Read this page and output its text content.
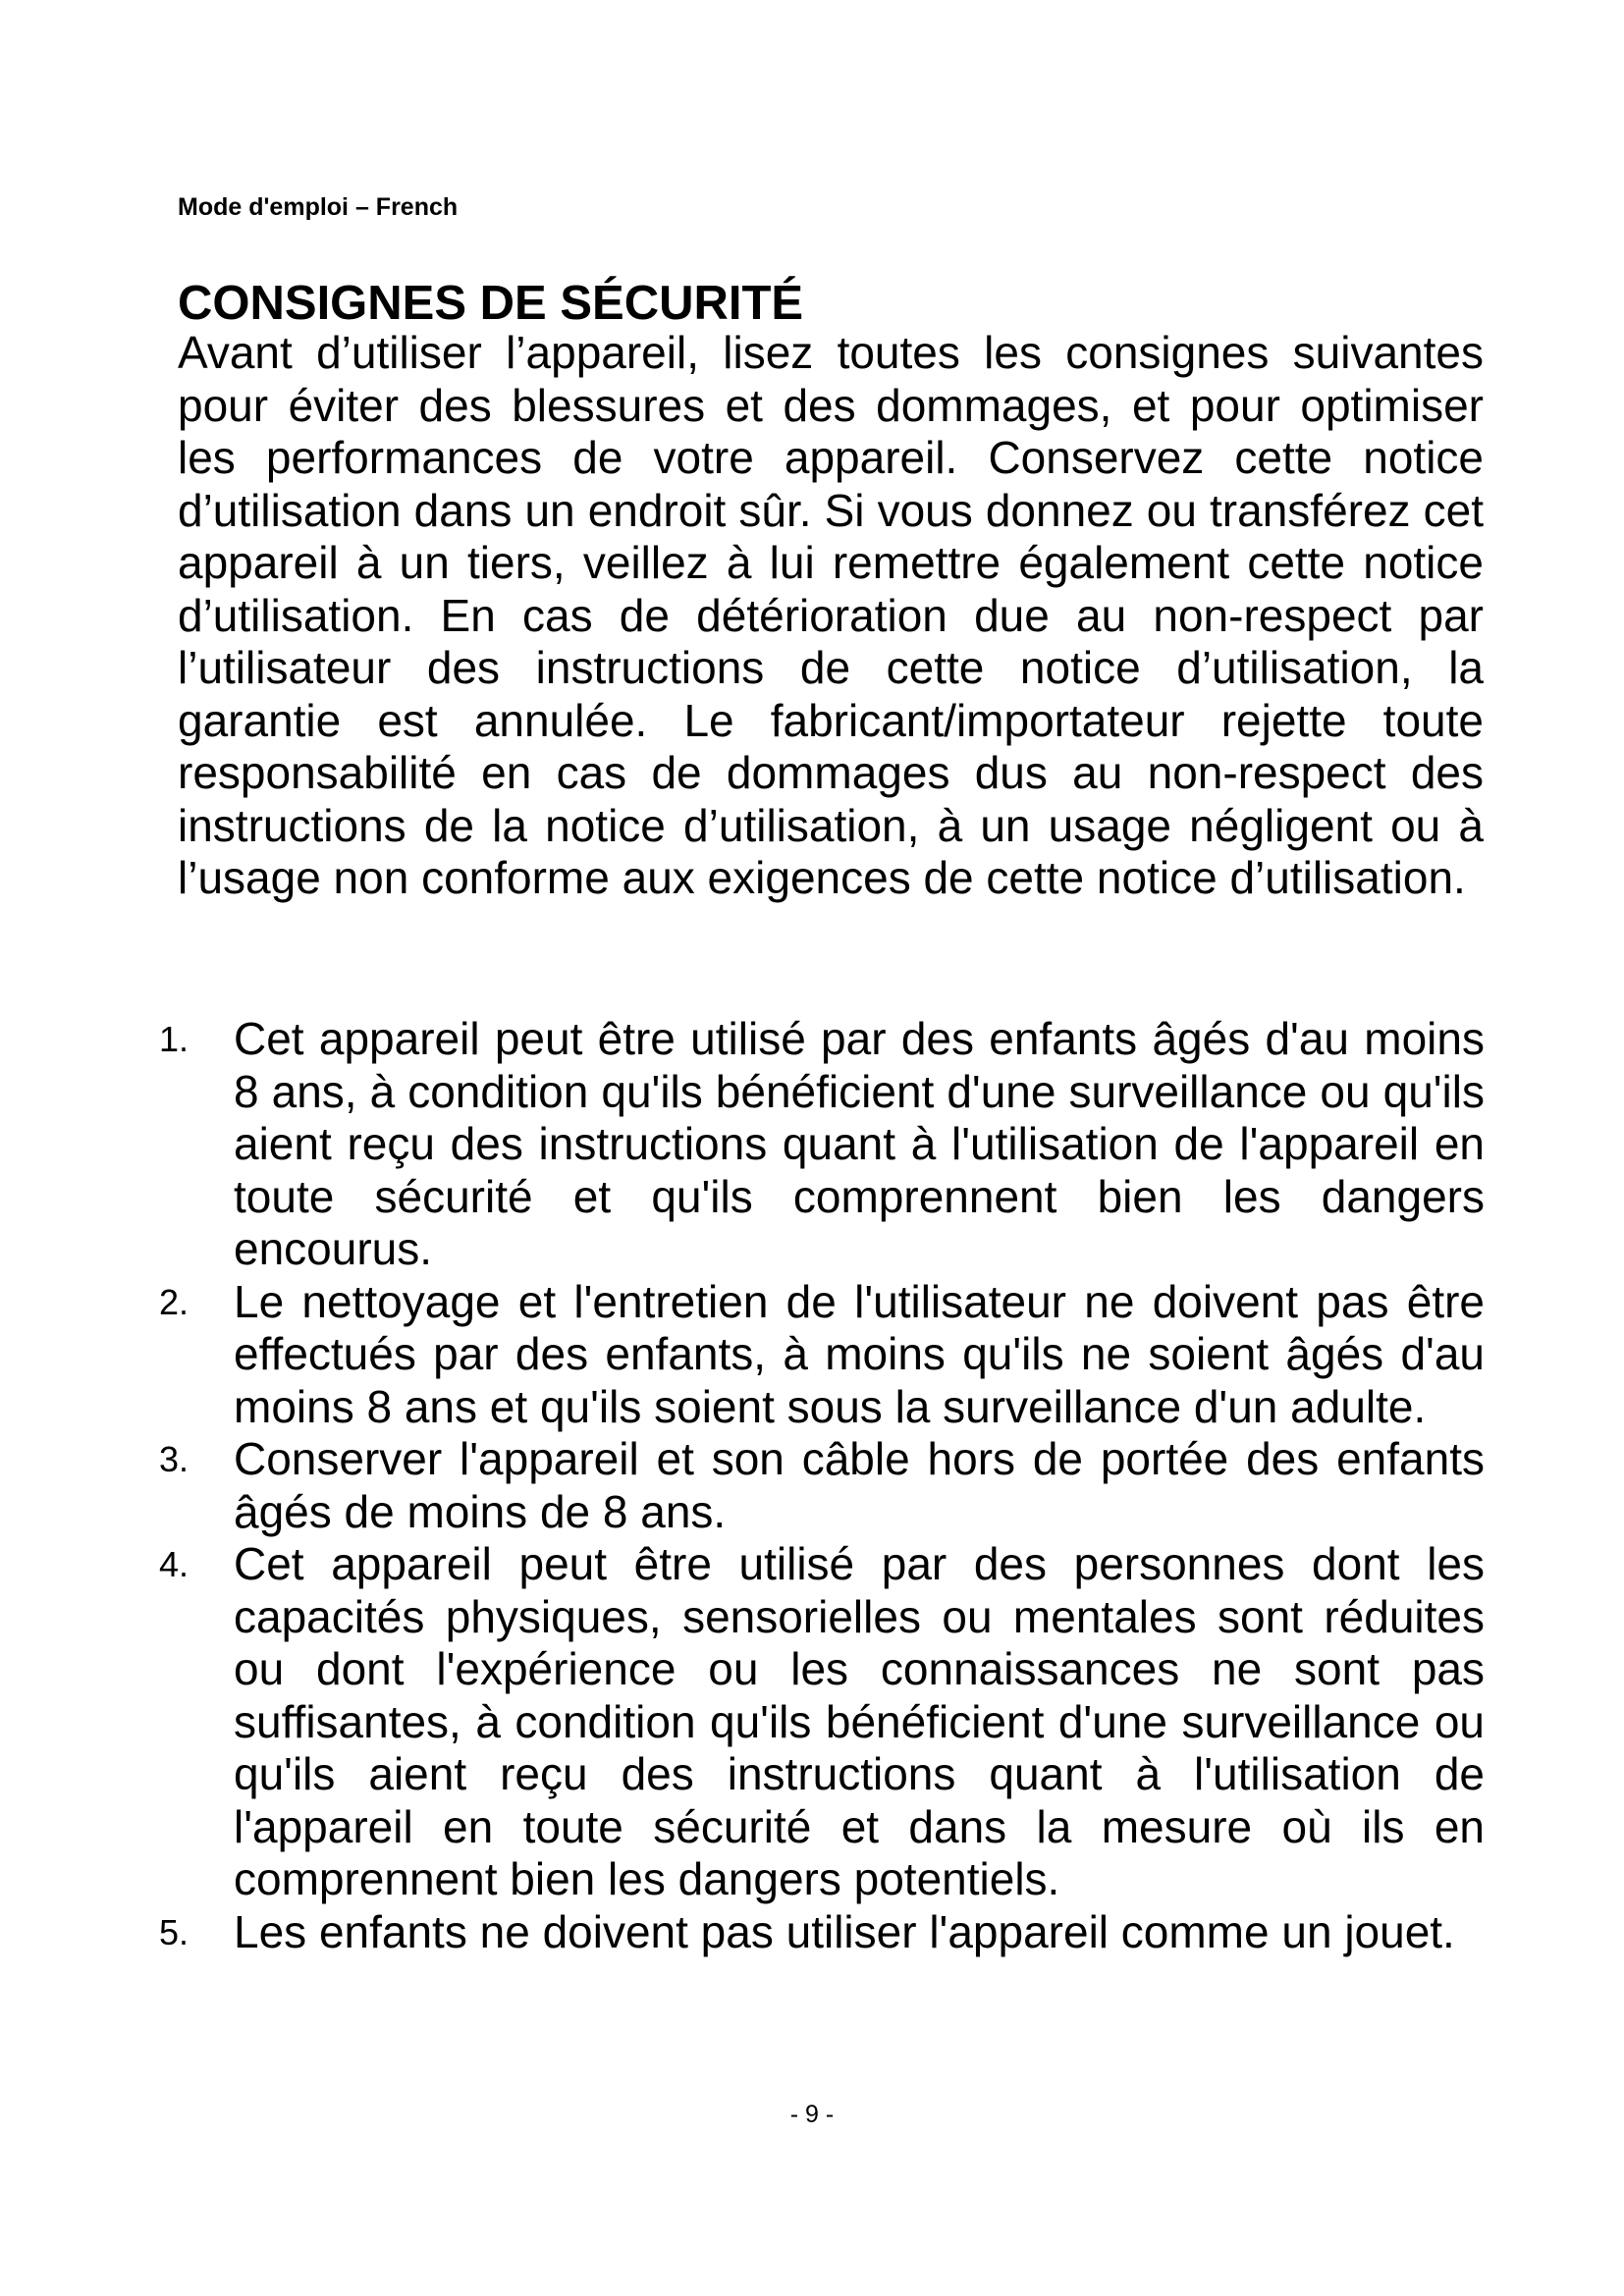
Mode d'emploi – French
CONSIGNES DE SÉCURITÉ

Avant d’utiliser l’appareil, lisez toutes les consignes suivantes pour éviter des blessures et des dommages, et pour optimiser les performances de votre appareil. Conservez cette notice d’utilisation dans un endroit sûr. Si vous donnez ou transférez cet appareil à un tiers, veillez à lui remettre également cette notice d’utilisation. En cas de détérioration due au non-respect par l’utilisateur des instructions de cette notice d’utilisation, la garantie est annulée. Le fabricant/importateur rejette toute responsabilité en cas de dommages dus au non-respect des instructions de la notice d’utilisation, à un usage négligent ou à l’usage non conforme aux exigences de cette notice d’utilisation.

1. Cet appareil peut être utilisé par des enfants âgés d'au moins 8 ans, à condition qu'ils bénéficient d'une surveillance ou qu'ils aient reçu des instructions quant à l'utilisation de l'appareil en toute sécurité et qu'ils comprennent bien les dangers encourus.
2. Le nettoyage et l'entretien de l'utilisateur ne doivent pas être effectués par des enfants, à moins qu'ils ne soient âgés d'au moins 8 ans et qu'ils soient sous la surveillance d'un adulte.
3. Conserver l'appareil et son câble hors de portée des enfants âgés de moins de 8 ans.
4. Cet appareil peut être utilisé par des personnes dont les capacités physiques, sensorielles ou mentales sont réduites ou dont l'expérience ou les connaissances ne sont pas suffisantes, à condition qu'ils bénéficient d'une surveillance ou qu'ils aient reçu des instructions quant à l'utilisation de l'appareil en toute sécurité et dans la mesure où ils en comprennent bien les dangers potentiels.
5. Les enfants ne doivent pas utiliser l'appareil comme un jouet.
- 9 -
